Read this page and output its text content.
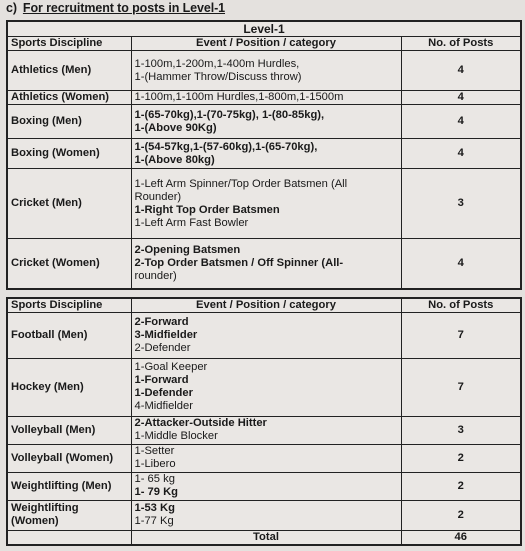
c) For recruitment to posts in Level-1
Level-1		
Sports Discipline	Event / Position / category	No. of Posts
Athletics (Men)	1-100m,1-200m,1-400m Hurdles,
1-(Hammer Throw/Discuss throw)	4
Athletics (Women)	1-100m,1-100m Hurdles,1-800m,1-1500m	4
Boxing (Men)	1-(65-70kg),1-(70-75kg), 1-(80-85kg),
1-(Above 90Kg)	4
Boxing (Women)	1-(54-57kg,1-(57-60kg),1-(65-70kg),
1-(Above 80kg)	4
Cricket (Men)	1-Left Arm Spinner/Top Order Batsmen (All
Rounder)
1-Right Top Order Batsmen
1-Left Arm Fast Bowler	3
Cricket (Women)	2-Opening Batsmen
2-Top Order Batsmen / Off Spinner (All-
rounder)	4
Sports Discipline	Event / Position / category	No. of Posts
Football (Men)	2-Forward
3-Midfielder
2-Defender	7
Hockey (Men)	1-Goal Keeper
1-Forward
1-Defender
4-Midfielder	7
Volleyball (Men)	2-Attacker-Outside Hitter
1-Middle Blocker	3
Volleyball (Women)	1-Setter
1-Libero	2
Weightlifting (Men)	1- 65 kg
1- 79 Kg	2
Weightlifting (Women)	1-53 Kg
1-77 Kg	2
	Total	46
